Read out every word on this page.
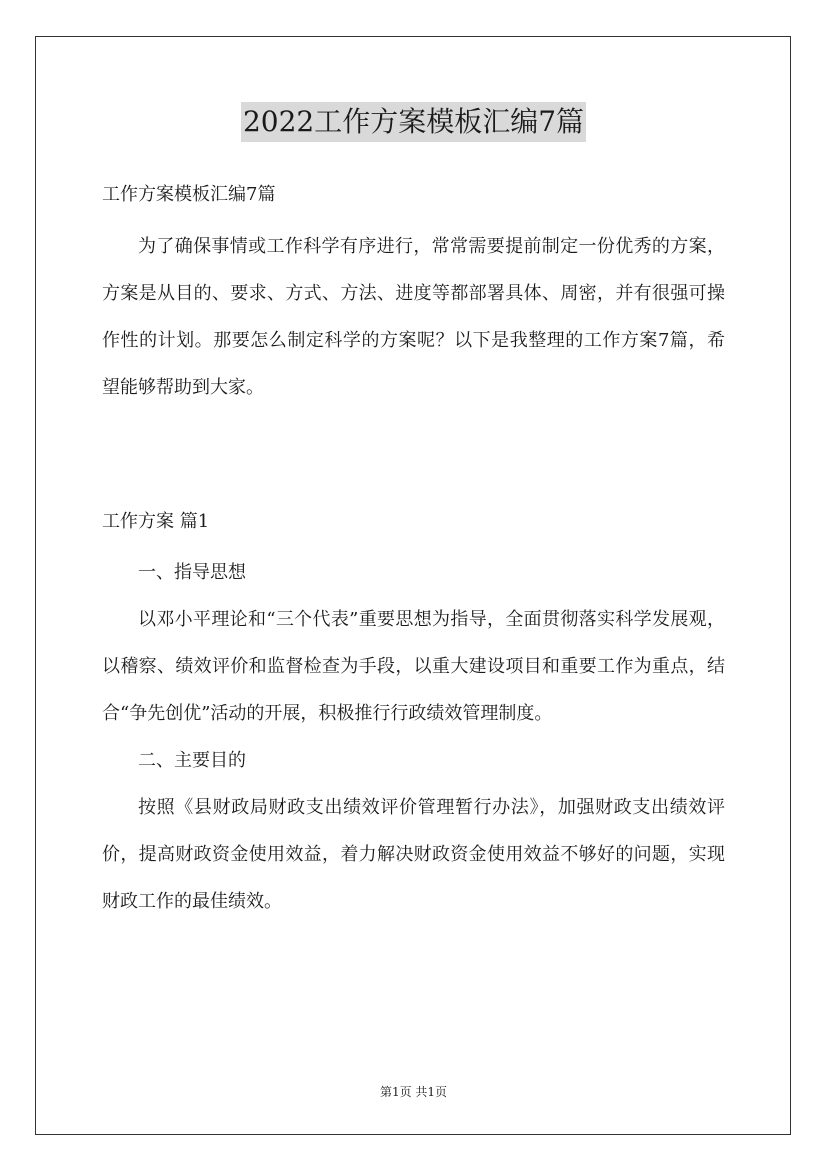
2022工作方案模板汇编7篇
工作方案模板汇编7篇

为了确保事情或工作科学有序进行，常常需要提前制定一份优秀的方案，方案是从目的、要求、方式、方法、进度等都部署具体、周密，并有很强可操作性的计划。那要怎么制定科学的方案呢？以下是我整理的工作方案7篇，希望能够帮助到大家。

工作方案 篇1

一、指导思想

以邓小平理论和“三个代表”重要思想为指导，全面贯彻落实科学发展观，以稽察、绩效评价和监督检查为手段，以重大建设项目和重要工作为重点，结合“争先创优”活动的开展，积极推行行政绩效管理制度。

二、主要目的

按照《县财政局财政支出绩效评价管理暂行办法》，加强财政支出绩效评价，提高财政资金使用效益，着力解决财政资金使用效益不够好的问题，实现财政工作的最佳绩效。

第1页 共1页
